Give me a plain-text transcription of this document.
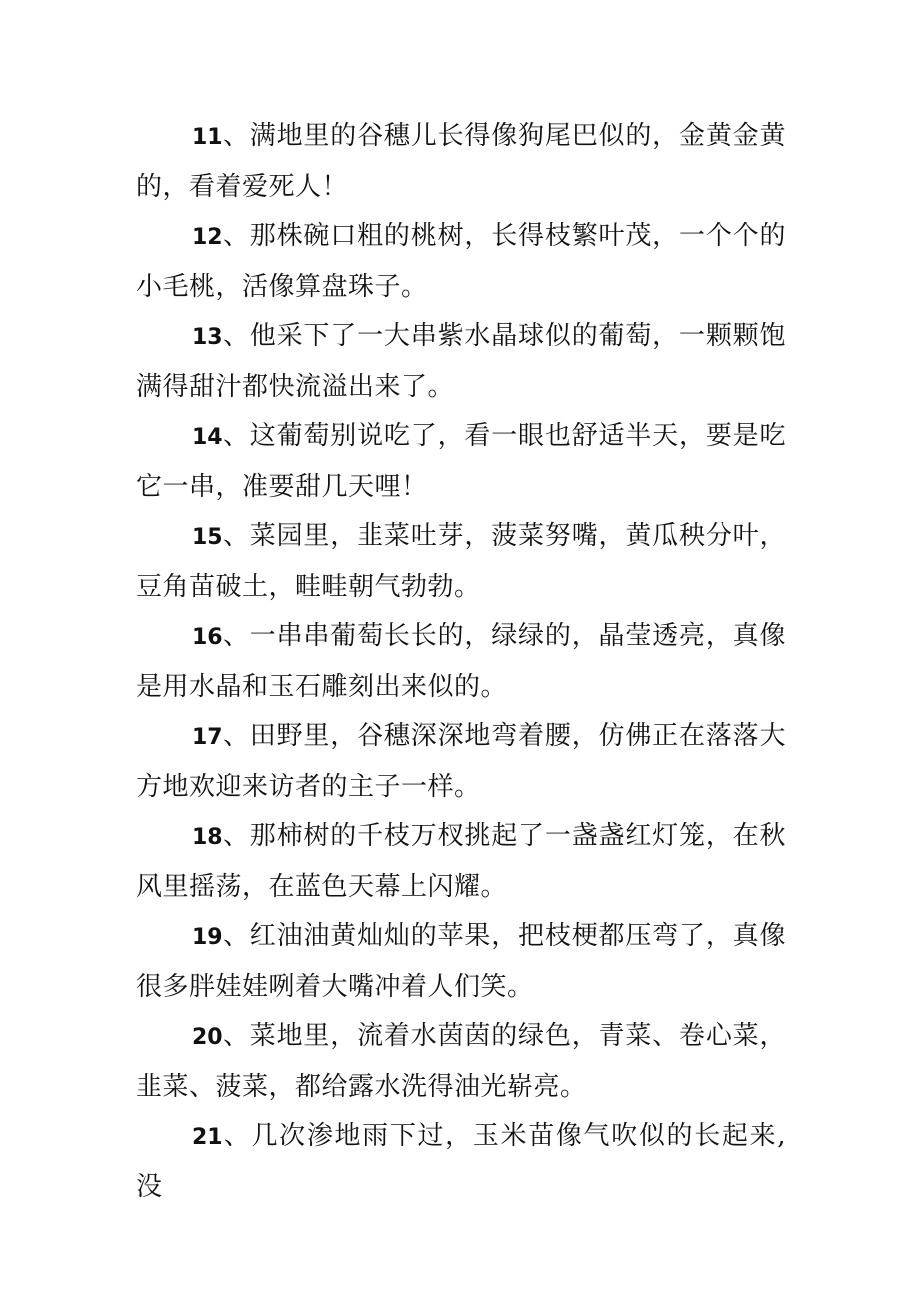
11、满地里的谷穗儿长得像狗尾巴似的，金黄金黄的，看着爱死人！

12、那株碗口粗的桃树，长得枝繁叶茂，一个个的小毛桃，活像算盘珠子。

13、他采下了一大串紫水晶球似的葡萄，一颗颗饱满得甜汁都快流溢出来了。

14、这葡萄别说吃了，看一眼也舒适半天，要是吃它一串，准要甜几天哩！

15、菜园里，韭菜吐芽，菠菜努嘴，黄瓜秧分叶，豆角苗破土，畦畦朝气勃勃。

16、一串串葡萄长长的，绿绿的，晶莹透亮，真像是用水晶和玉石雕刻出来似的。

17、田野里，谷穗深深地弯着腰，仿佛正在落落大方地欢迎来访者的主子一样。

18、那柿树的千枝万杈挑起了一盏盏红灯笼，在秋风里摇荡，在蓝色天幕上闪耀。

19、红油油黄灿灿的苹果，把枝梗都压弯了，真像很多胖娃娃咧着大嘴冲着人们笑。

20、菜地里，流着水茵茵的绿色，青菜、卷心菜，韭菜、菠菜，都给露水洗得油光崭亮。

21、几次渗地雨下过，玉米苗像气吹似的长起来,没
